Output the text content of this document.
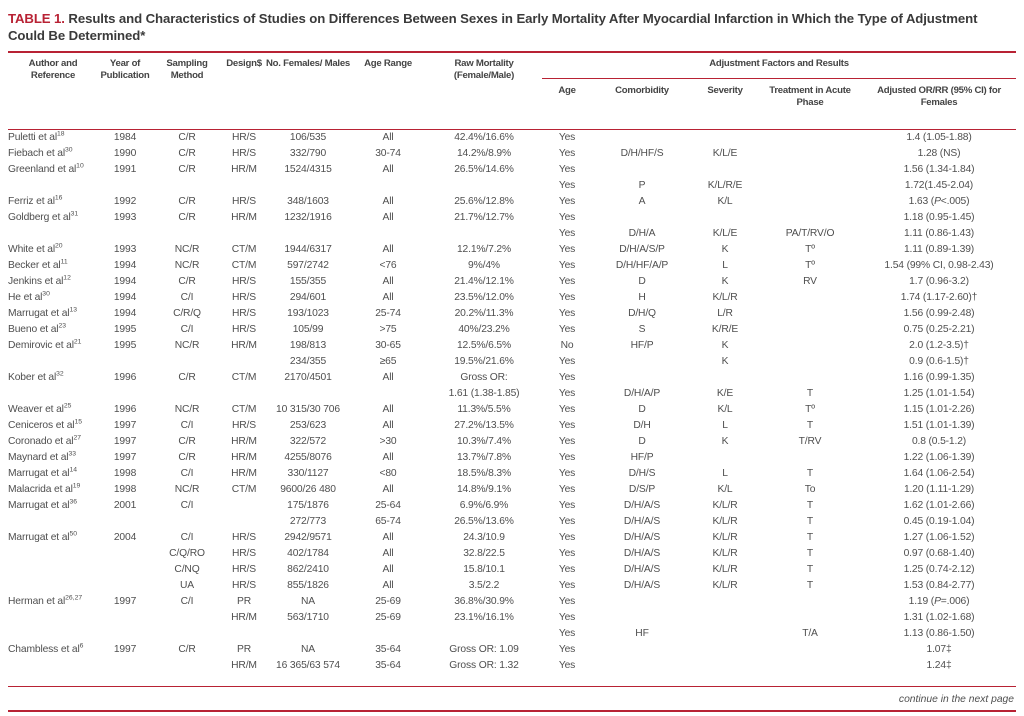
TABLE 1. Results and Characteristics of Studies on Differences Between Sexes in Early Mortality After Myocardial Infarction in Which the Type of Adjustment Could Be Determined*
Author and Reference	Year of Publication	Sampling Method	Design$	No. Females/ Males	Age Range	Raw Mortality (Female/Male)	Adjustment Factors and Results				
							Age	Comorbidity	Severity	Treatment in Acute Phase	Adjusted OR/RR (95% CI) for Females
Puletti et $al^{18}$	1984	C/R	HR/S	106/535	All	42.4%/16.6%	Yes				1.4 (1.05-1.88)
Fiebach et $al^{30}$	1990	C/R	HR/S	332/790	30-74	14.2%/8.9%	Yes	D/H/HF/S	K/L/E		1.28 (NS)
Greenland et $al^{10}$	1991	C/R	HR/M	1524/4315	All	26.5%/14.6%	Yes				1.56 (1.34-1.84)
							Yes	P	K/L/R/E		1.72(1.45-2.04)
Ferriz et $al^{16}$	1992	C/R	HR/S	348/1603	All	25.6%/12.8%	Yes	A	K/L		1.63 (P<.005)
Goldberg et $al^{31}$	1993	C/R	HR/M	1232/1916	All	21.7%/12.7%	Yes				1.18 (0.95-1.45)
							Yes	D/H/A	K/L/E	PA/T/RV/O	1.11 (0.86-1.43)
White et $al^{20}$	1993	NC/R	CT/M	1944/6317	All	12.1%/7.2%	Yes	D/H/A/S/P	K	Tº	1.11 (0.89-1.39)
Becker et $al^{11}$	1994	NC/R	CT/M	597/2742	<76	9%/4%	Yes	D/H/HF/A/P	L	Tº	1.54 (99% CI, 0.98-2.43)
Jenkins et $al^{12}$	1994	C/R	HR/S	155/355	All	21.4%/12.1%	Yes	D	K	RV	1.7 (0.96-3.2)
He et $al^{30}$	1994	C/I	HR/S	294/601	All	23.5%/12.0%	Yes	H	K/L/R		1.74 (1.17-2.60)†
Marrugat et $al^{13}$	1994	C/R/Q	HR/S	193/1023	25-74	20.2%/11.3%	Yes	D/H/Q	L/R		1.56 (0.99-2.48)
Bueno et $al^{23}$	1995	C/I	HR/S	105/99	>75	40%/23.2%	Yes	S	K/R/E		0.75 (0.25-2.21)
Demirovic et $al^{21}$	1995	NC/R	HR/M	198/813	30-65	12.5%/6.5%	No	HF/P	K		2.0 (1.2-3.5)†
				234/355	≥65	19.5%/21.6%	Yes		K		0.9 (0.6-1.5)†
Kober et $al^{32}$	1996	C/R	CT/M	2170/4501	All	Gross OR:	Yes				1.16 (0.99-1.35)
						1.61 (1.38-1.85)	Yes	D/H/A/P	K/E	T	1.25 (1.01-1.54)
Weaver et $al^{25}$	1996	NC/R	CT/M	10 315/30 706	All	11.3%/5.5%	Yes	D	K/L	Tº	1.15 (1.01-2.26)
Ceniceros et $al^{15}$	1997	C/I	HR/S	253/623	All	27.2%/13.5%	Yes	D/H	L	T	1.51 (1.01-1.39)
Coronado et $al^{27}$	1997	C/R	HR/M	322/572	>30	10.3%/7.4%	Yes	D	K	T/RV	0.8 (0.5-1.2)
Maynard et $al^{33}$	1997	C/R	HR/M	4255/8076	All	13.7%/7.8%	Yes	HF/P			1.22 (1.06-1.39)
Marrugat et $al^{14}$	1998	C/I	HR/M	330/1127	<80	18.5%/8.3%	Yes	D/H/S	L	T	1.64 (1.06-2.54)
Malacrida et $al^{19}$	1998	NC/R	CT/M	9600/26 480	All	14.8%/9.1%	Yes	D/S/P	K/L	To	1.20 (1.11-1.29)
Marrugat et $al^{36}$	2001	C/I		175/1876	25-64	6.9%/6.9%	Yes	D/H/A/S	K/L/R	T	1.62 (1.01-2.66)
				272/773	65-74	26.5%/13.6%	Yes	D/H/A/S	K/L/R	T	0.45 (0.19-1.04)
Marrugat et $al^{50}$	2004	C/I	HR/S	2942/9571	All	24.3/10.9	Yes	D/H/A/S	K/L/R	T	1.27 (1.06-1.52)
		C/Q/RO	HR/S	402/1784	All	32.8/22.5	Yes	D/H/A/S	K/L/R	T	0.97 (0.68-1.40)
		C/NQ	HR/S	862/2410	All	15.8/10.1	Yes	D/H/A/S	K/L/R	T	1.25 (0.74-2.12)
		UA	HR/S	855/1826	All	3.5/2.2	Yes	D/H/A/S	K/L/R	T	1.53 (0.84-2.77)
Herman et al$^{26,27}$	1997	C/I	PR	NA	25-69	36.8%/30.9%	Yes				1.19 (P=.006)
			HR/M	563/1710	25-69	23.1%/16.1%	Yes				1.31 (1.02-1.68)
							Yes	HF		T/A	1.13 (0.86-1.50)
Chambless et $al^6$	1997	C/R	PR	NA	35-64	Gross OR: 1.09	Yes				1.07‡
			HR/M	16 365/63 574	35-64	Gross OR: 1.32	Yes				1.24‡
continue in the next page
